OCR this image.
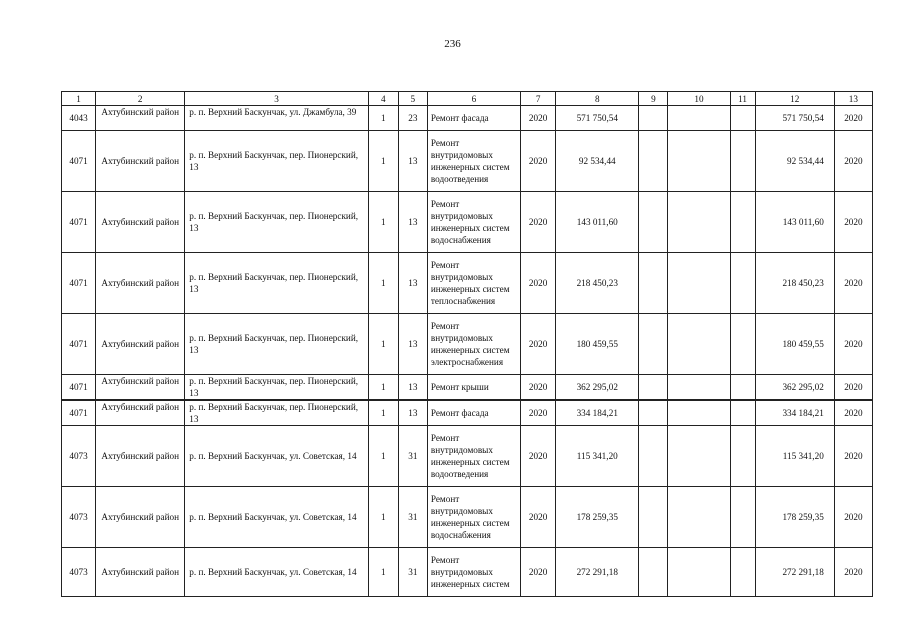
236
1	2	3	4	5	6	7	8	9	10	11	12	13
4043	Ахтубинский район	р. п. Верхний Баскунчак, ул. Джамбула, 39	1	23	Ремонт фасада	2020	571 750,54				571 750,54	2020
4071	Ахтубинский район	р. п. Верхний Баскунчак, пер. Пионерский, 13	1	13	Ремонт внутридомовых инженерных систем водоотведения	2020	92 534,44				92 534,44	2020
4071	Ахтубинский район	р. п. Верхний Баскунчак, пер. Пионерский, 13	1	13	Ремонт внутридомовых инженерных систем водоснабжения	2020	143 011,60				143 011,60	2020
4071	Ахтубинский район	р. п. Верхний Баскунчак, пер. Пионерский, 13	1	13	Ремонт внутридомовых инженерных систем теплоснабжения	2020	218 450,23				218 450,23	2020
4071	Ахтубинский район	р. п. Верхний Баскунчак, пер. Пионерский, 13	1	13	Ремонт внутридомовых инженерных систем электроснабжения	2020	180 459,55				180 459,55	2020
4071	Ахтубинский район	р. п. Верхний Баскунчак, пер. Пионерский, 13	1	13	Ремонт крыши	2020	362 295,02				362 295,02	2020
4071	Ахтубинский район	р. п. Верхний Баскунчак, пер. Пионерский, 13	1	13	Ремонт фасада	2020	334 184,21				334 184,21	2020
4073	Ахтубинский район	р. п. Верхний Баскунчак, ул. Советская, 14	1	31	Ремонт внутридомовых инженерных систем водоотведения	2020	115 341,20				115 341,20	2020
4073	Ахтубинский район	р. п. Верхний Баскунчак, ул. Советская, 14	1	31	Ремонт внутридомовых инженерных систем водоснабжения	2020	178 259,35				178 259,35	2020
4073	Ахтубинский район	р. п. Верхний Баскунчак, ул. Советская, 14	1	31	Ремонт внутридомовых инженерных систем	2020	272 291,18				272 291,18	2020
